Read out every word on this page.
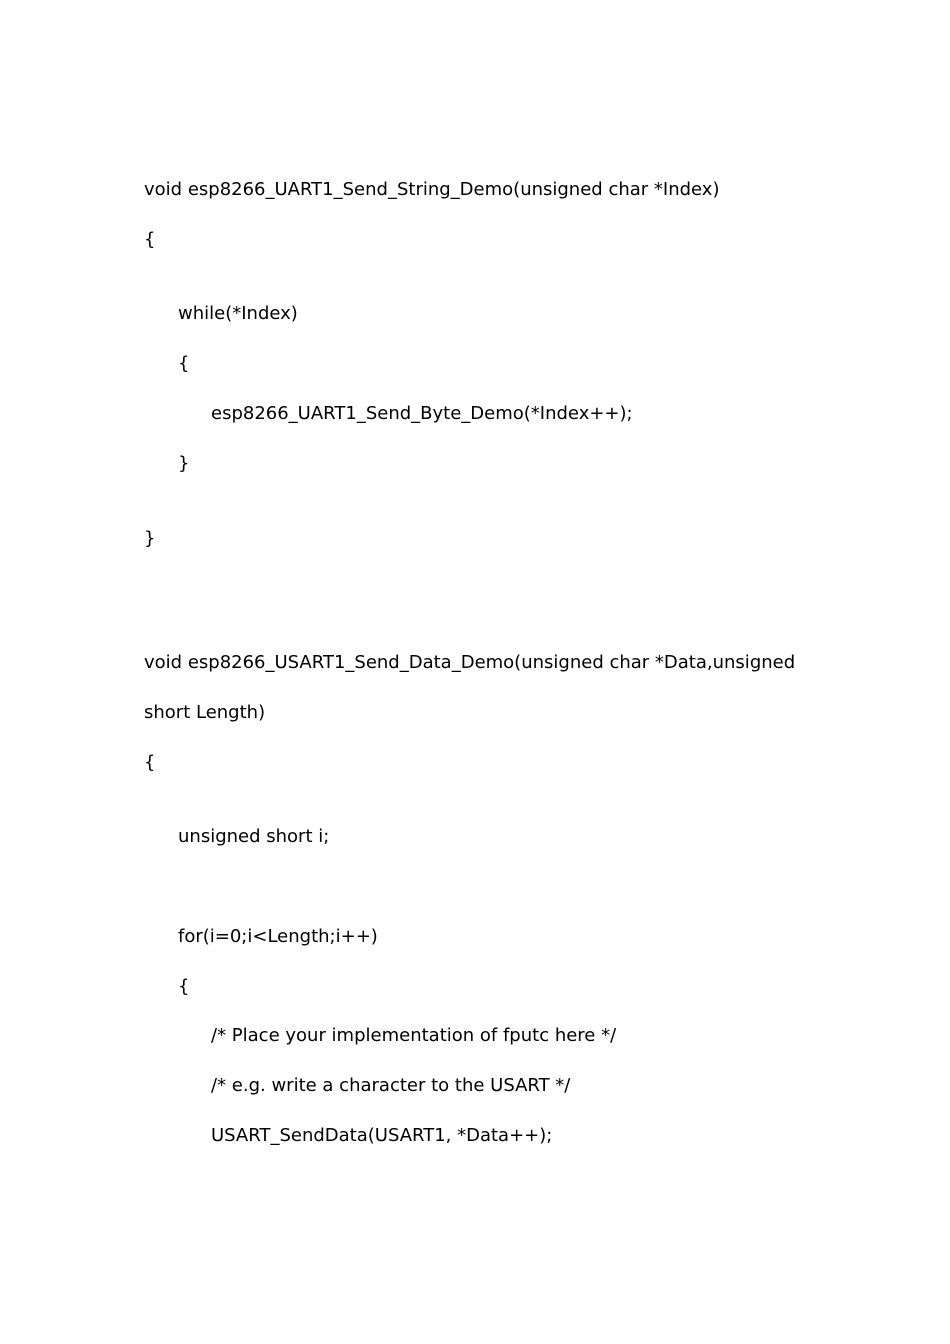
void esp8266_UART1_Send_String_Demo(unsigned char *Index)
{
while(*Index)
{
esp8266_UART1_Send_Byte_Demo(*Index++);
}
}
void esp8266_USART1_Send_Data_Demo(unsigned char *Data,unsigned
short Length)
{
unsigned short i;
for(i=0;i<Length;i++)
{
/* Place your implementation of fputc here */
/* e.g. write a character to the USART */
USART_SendData(USART1, *Data++);
